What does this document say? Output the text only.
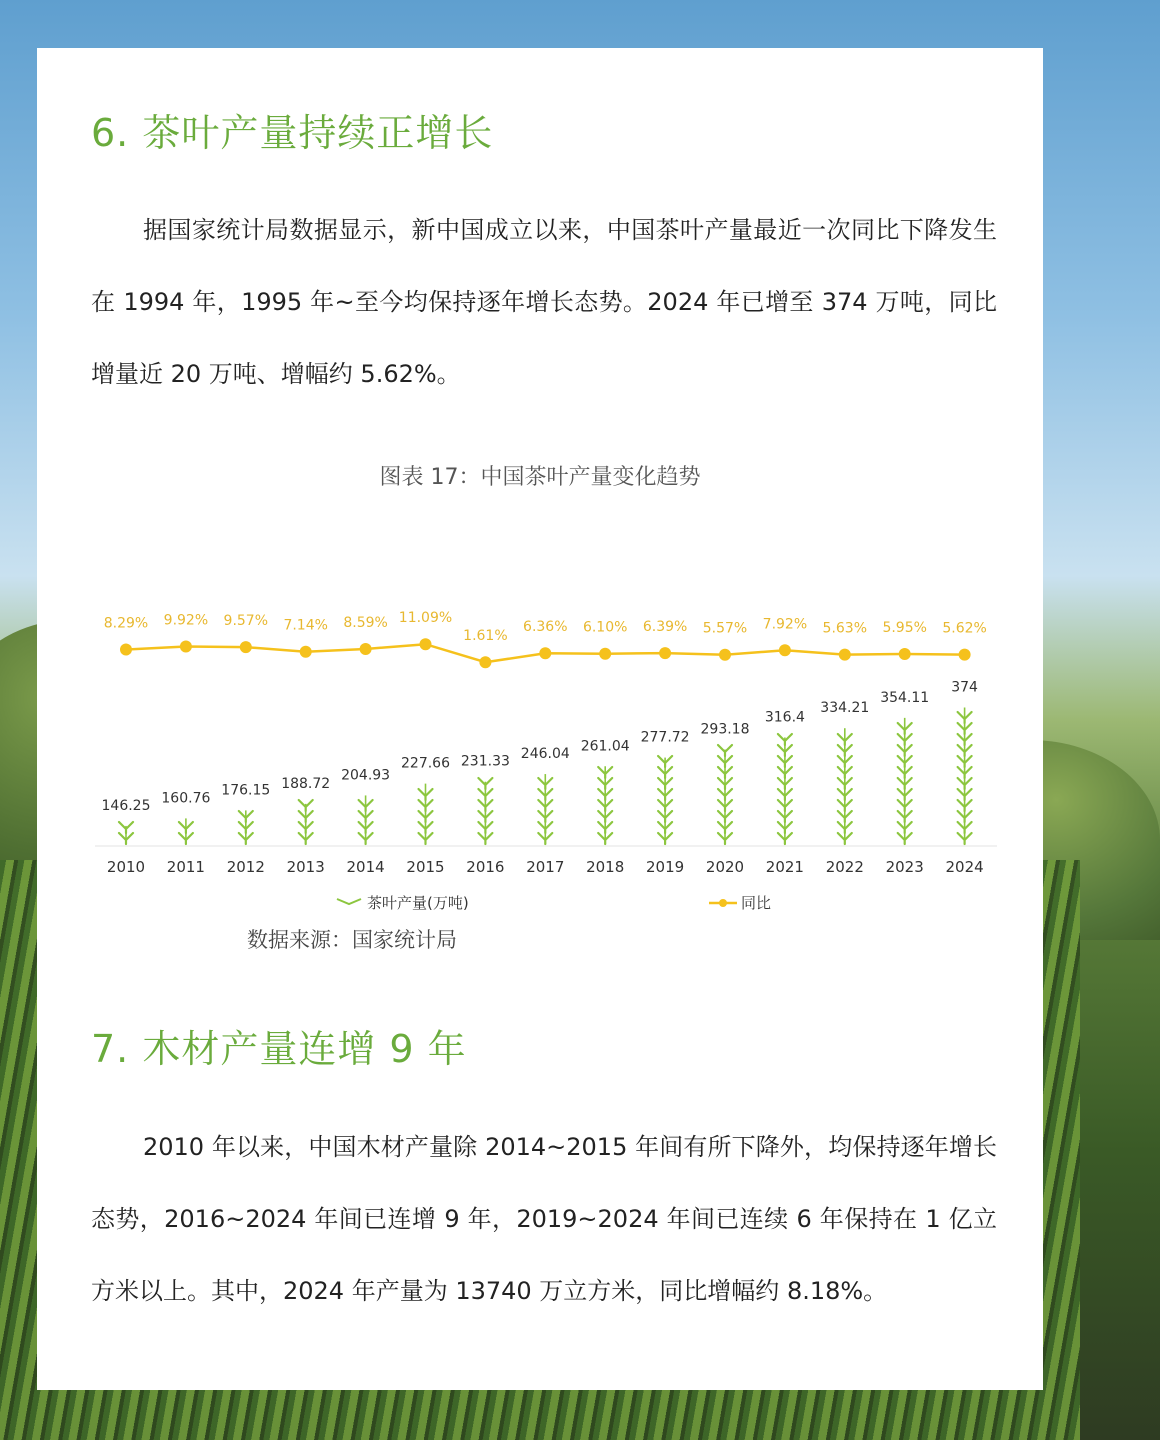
6. 茶叶产量持续正增长

据国家统计局数据显示，新中国成立以来，中国茶叶产量最近一次同比下降发生在 1994 年，1995 年~至今均保持逐年增长态势。2024 年已增至 374 万吨，同比增量近 20 万吨、增幅约 5.62%。

图表 17：中国茶叶产量变化趋势

146.25
2010
160.76
2011
176.15
2012
188.72
2013
204.93
2014
227.66
2015
231.33
2016
246.04
2017
261.04
2018
277.72
2019
293.18
2020
316.4
2021
334.21
2022
354.11
2023
374
2024
8.29% 9.92% 9.57% 7.14% 8.59% 11.09%
1.61%
6.36% 6.10% 6.39% 5.57% 7.92% 5.63% 5.95% 5.62%
茶叶产量(万吨)	同比

数据来源：国家统计局

7. 木材产量连增 9 年

2010 年以来，中国木材产量除 2014~2015 年间有所下降外，均保持逐年增长态势，2016~2024 年间已连增 9 年，2019~2024 年间已连续 6 年保持在 1 亿立方米以上。其中，2024 年产量为 13740 万立方米，同比增幅约 8.18%。
